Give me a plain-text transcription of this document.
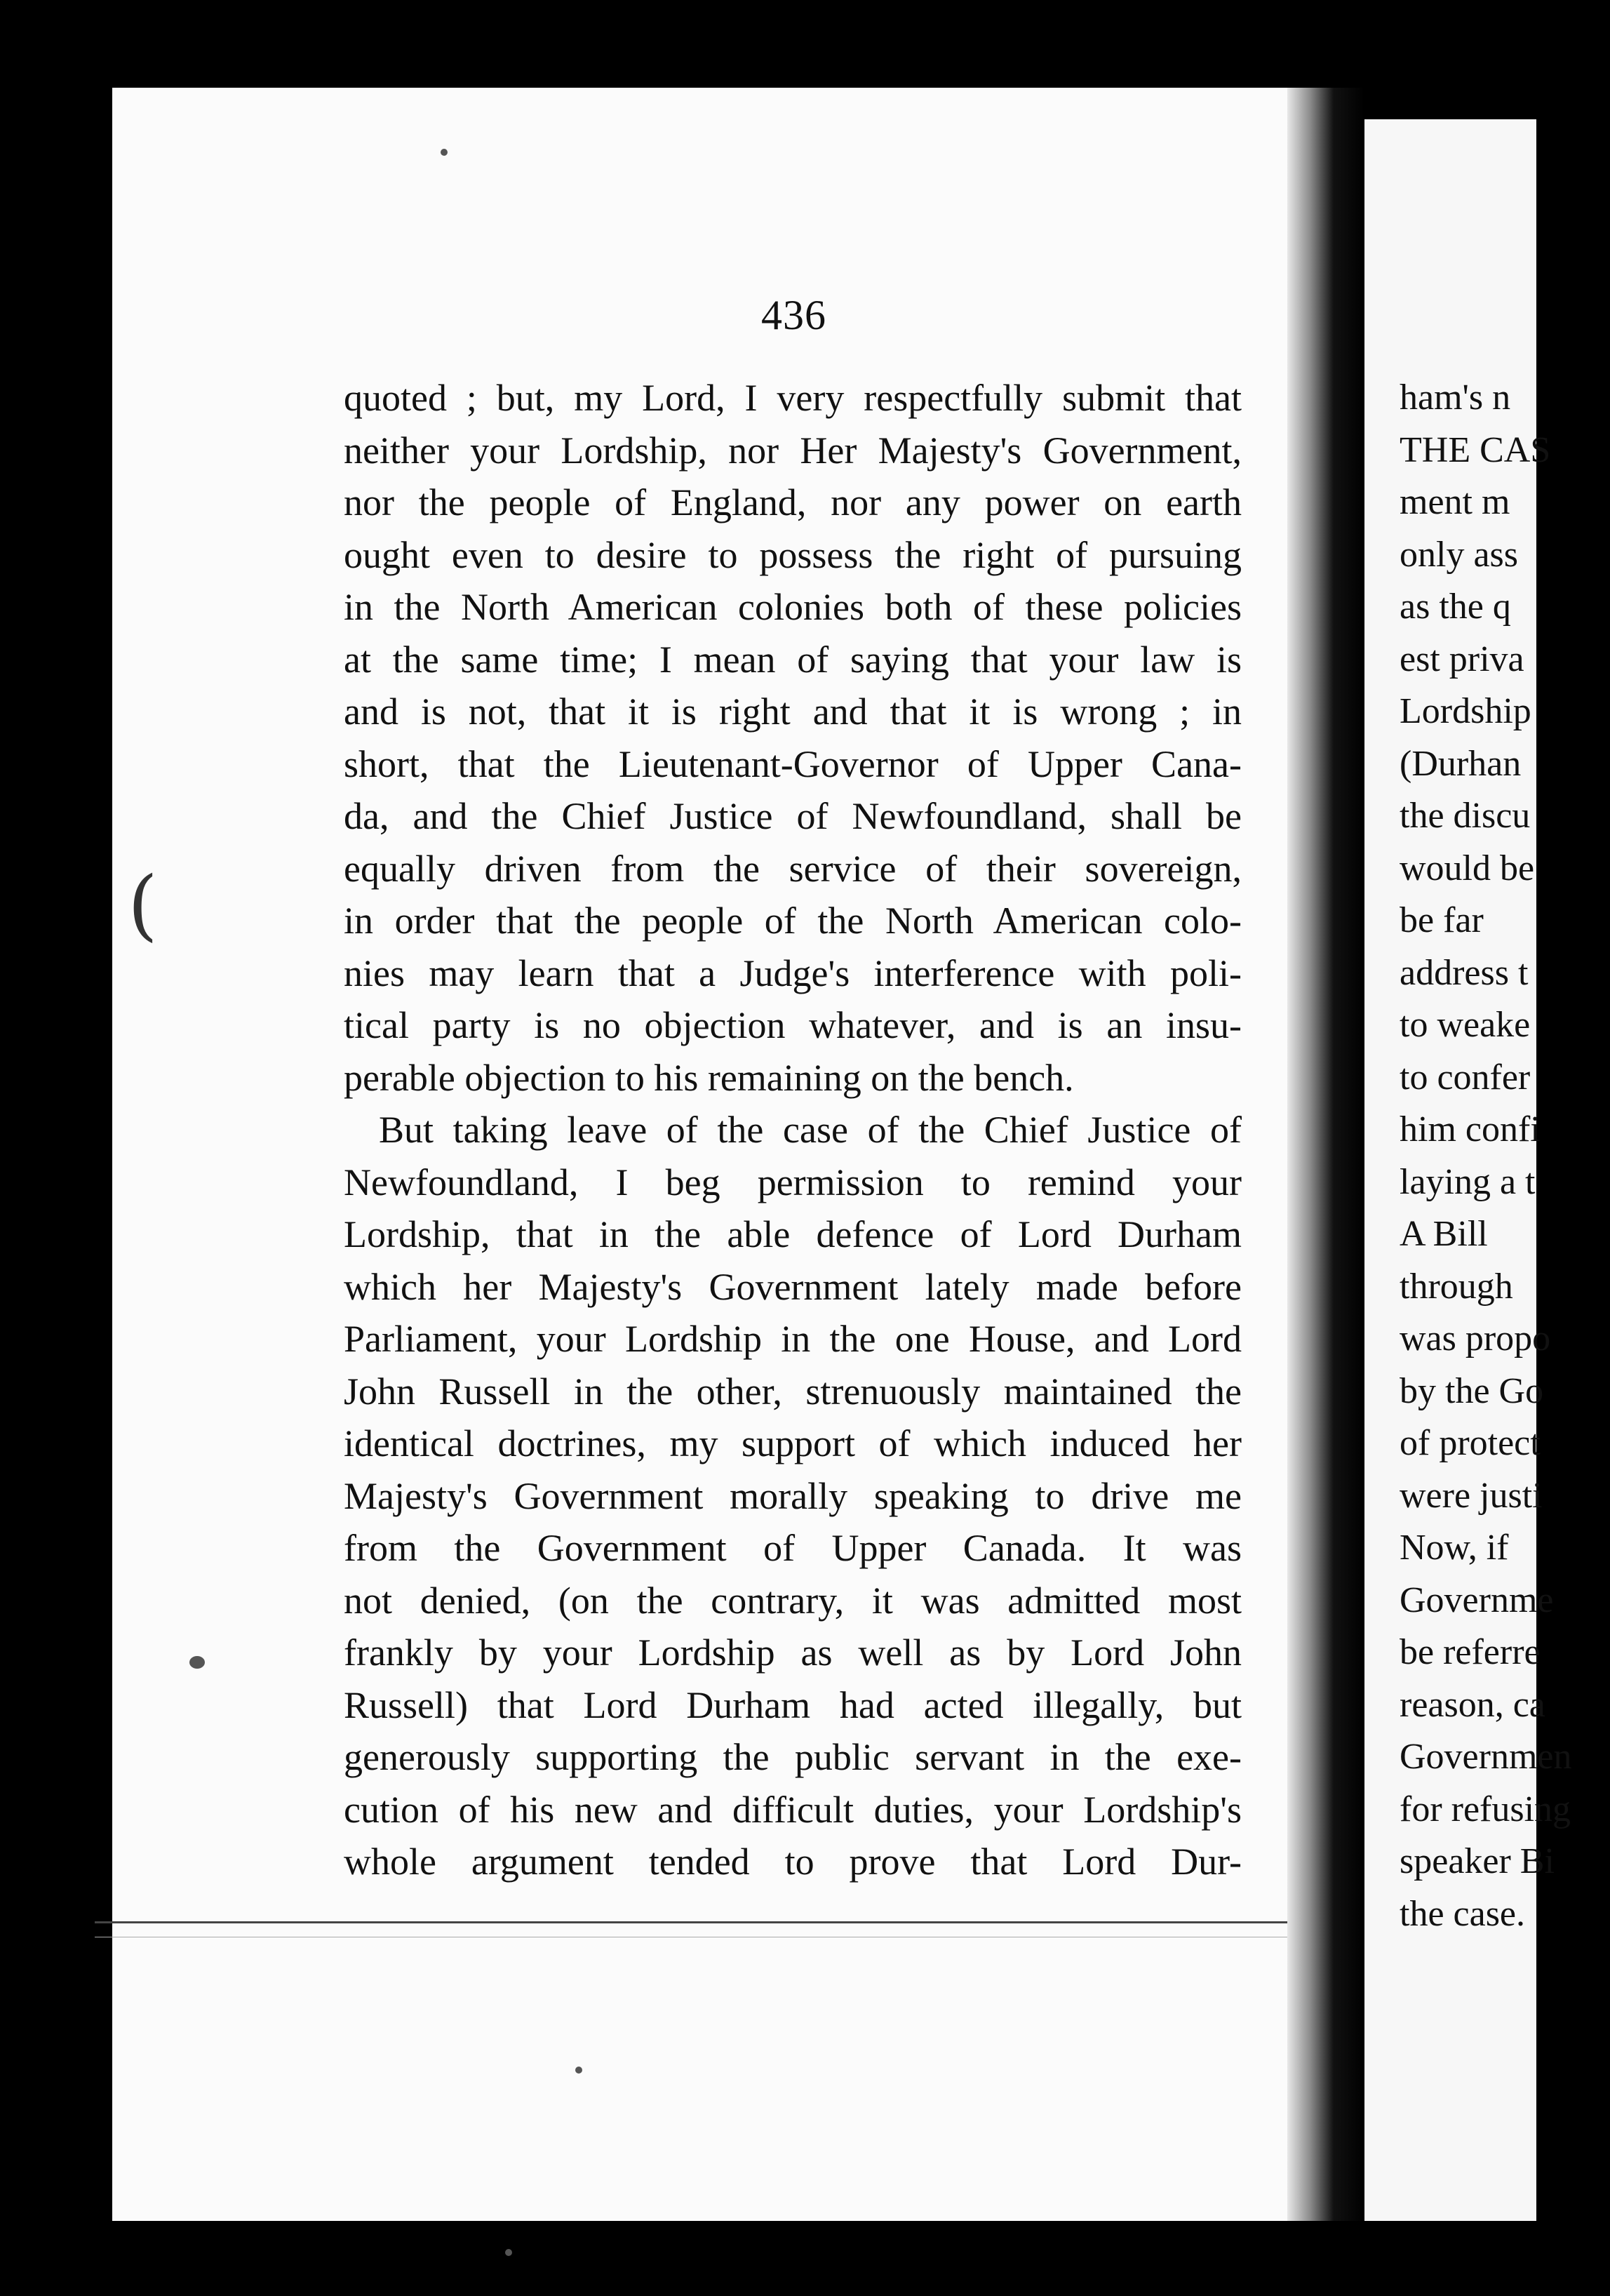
436
(
quoted ; but, my Lord, I very respectfully submit that
neither your Lordship, nor Her Majesty's Government,
nor the people of England, nor any power on earth
ought even to desire to possess the right of pursuing
in the North American colonies both of these policies
at the same time; I mean of saying that your law is
and is not, that it is right and that it is wrong ; in
short, that the Lieutenant-Governor of Upper Cana-
da, and the Chief Justice of Newfoundland, shall be
equally driven from the service of their sovereign,
in order that the people of the North American colo-
nies may learn that a Judge's interference with poli-
tical party is no objection whatever, and is an insu-
perable objection to his remaining on the bench.
But taking leave of the case of the Chief Justice of
Newfoundland, I beg permission to remind your
Lordship, that in the able defence of Lord Durham
which her Majesty's Government lately made before
Parliament, your Lordship in the one House, and Lord
John Russell in the other, strenuously maintained the
identical doctrines, my support of which induced her
Majesty's Government morally speaking to drive me
from the Government of Upper Canada. It was
not denied, (on the contrary, it was admitted most
frankly by your Lordship as well as by Lord John
Russell) that Lord Durham had acted illegally, but
generously supporting the public servant in the exe-
cution of his new and difficult duties, your Lordship's
whole argument tended to prove that Lord Dur-
ham's n
THE CAS
ment m
only ass
as the q
est priva
Lordship
(Durhan
the discu
would be
be far
address t
to weake
to confer
him confi
laying a t
A Bill
through
was propo
by the Go
of protect
were justi
Now, if
Governme
be referre
reason, ca
Governmen
for refusing
speaker Bi
the case.
